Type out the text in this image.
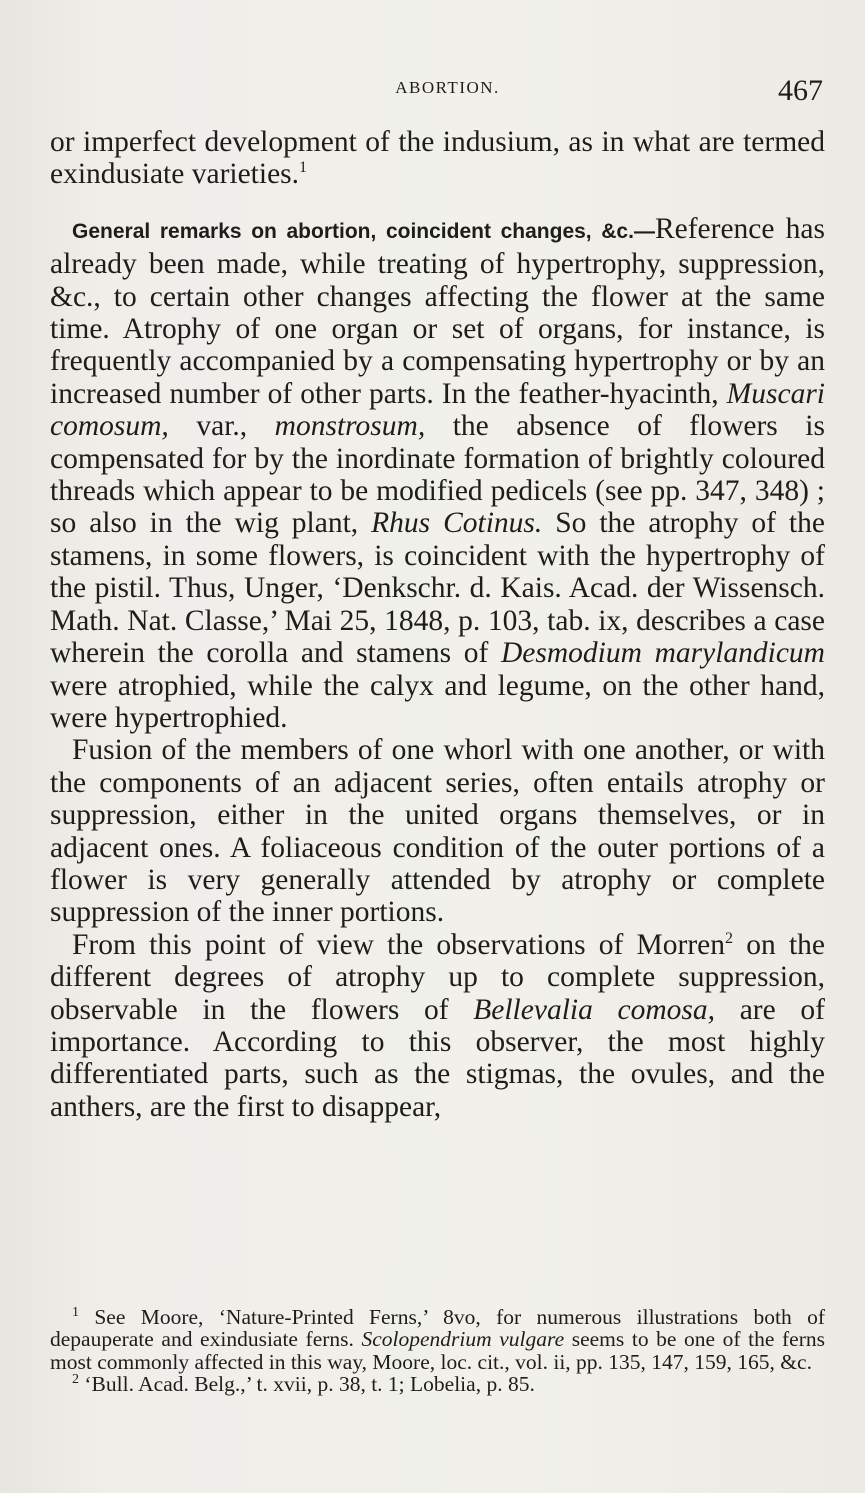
ABORTION.	467

or imperfect development of the indusium, as in what are termed exindusiate varieties.$^1$

General remarks on abortion, coincident changes, &c.—Reference has already been made, while treating of hypertrophy, suppression, &c., to certain other changes affecting the flower at the same time. Atrophy of one organ or set of organs, for instance, is frequently accompanied by a compensating hypertrophy or by an increased number of other parts. In the feather-hyacinth, Muscari comosum, var., monstrosum, the absence of flowers is compensated for by the inordinate formation of brightly coloured threads which appear to be modified pedicels (see pp. 347, 348) ; so also in the wig plant, Rhus Cotinus. So the atrophy of the stamens, in some flowers, is coincident with the hypertrophy of the pistil. Thus, Unger, ‘Denkschr. d. Kais. Acad. der Wissensch. Math. Nat. Classe,’ Mai 25, 1848, p. 103, tab. ix, describes a case wherein the corolla and stamens of Desmodium marylandicum were atrophied, while the calyx and legume, on the other hand, were hypertrophied.

Fusion of the members of one whorl with one another, or with the components of an adjacent series, often entails atrophy or suppression, either in the united organs themselves, or in adjacent ones. A foliaceous condition of the outer portions of a flower is very generally attended by atrophy or complete suppression of the inner portions.

From this point of view the observations of Morren$^2$ on the different degrees of atrophy up to complete suppression, observable in the flowers of Bellevalia comosa, are of importance. According to this observer, the most highly differentiated parts, such as the stigmas, the ovules, and the anthers, are the first to disappear,

$^1$ See Moore, ‘Nature-Printed Ferns,’ 8vo, for numerous illustrations both of depauperate and exindusiate ferns. Scolopendrium vulgare seems to be one of the ferns most commonly affected in this way, Moore, loc. cit., vol. ii, pp. 135, 147, 159, 165, &c.

$^2$ ‘Bull. Acad. Belg.,’ t. xvii, p. 38, t. 1; Lobelia, p. 85.
